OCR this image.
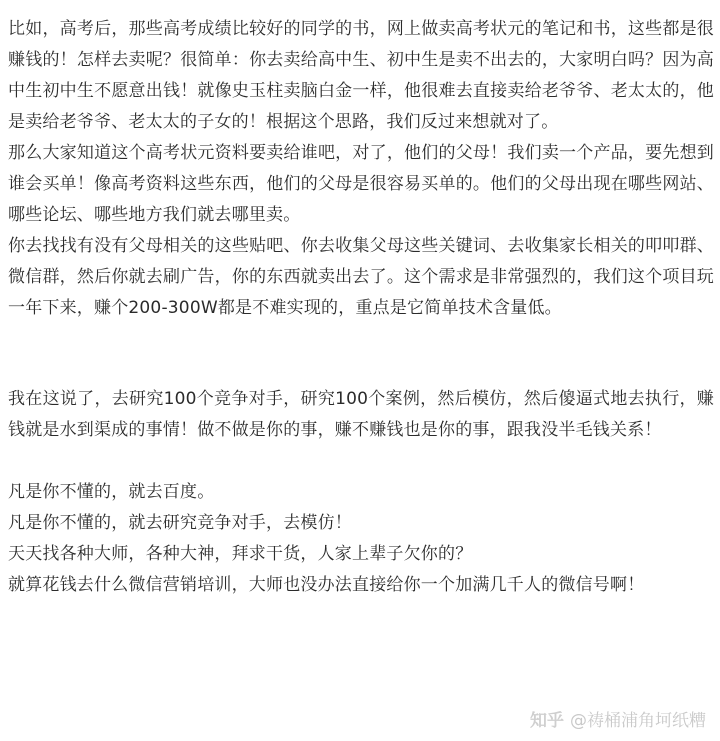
比如，高考后，那些高考成绩比较好的同学的书，网上做卖高考状元的笔记和书，这些都是很赚钱的！怎样去卖呢？很简单：你去卖给高中生、初中生是卖不出去的，大家明白吗？因为高中生初中生不愿意出钱！就像史玉柱卖脑白金一样，他很难去直接卖给老爷爷、老太太的，他是卖给老爷爷、老太太的子女的！根据这个思路，我们反过来想就对了。

那么大家知道这个高考状元资料要卖给谁吧，对了，他们的父母！我们卖一个产品，要先想到谁会买单！像高考资料这些东西，他们的父母是很容易买单的。他们的父母出现在哪些网站、哪些论坛、哪些地方我们就去哪里卖。

你去找找有没有父母相关的这些贴吧、你去收集父母这些关键词、去收集家长相关的叩叩群、微信群，然后你就去刷广告，你的东西就卖出去了。这个需求是非常强烈的，我们这个项目玩一年下来，赚个200-300W都是不难实现的，重点是它简单技术含量低。

我在这说了，去研究100个竞争对手，研究100个案例，然后模仿，然后傻逼式地去执行，赚钱就是水到渠成的事情！做不做是你的事，赚不赚钱也是你的事，跟我没半毛钱关系！

凡是你不懂的，就去百度。

凡是你不懂的，就去研究竞争对手，去模仿！

天天找各种大师，各种大神，拜求干货，人家上辈子欠你的？

就算花钱去什么微信营销培训，大师也没办法直接给你一个加满几千人的微信号啊！

知乎 @祷桶浦角坷纸糟
